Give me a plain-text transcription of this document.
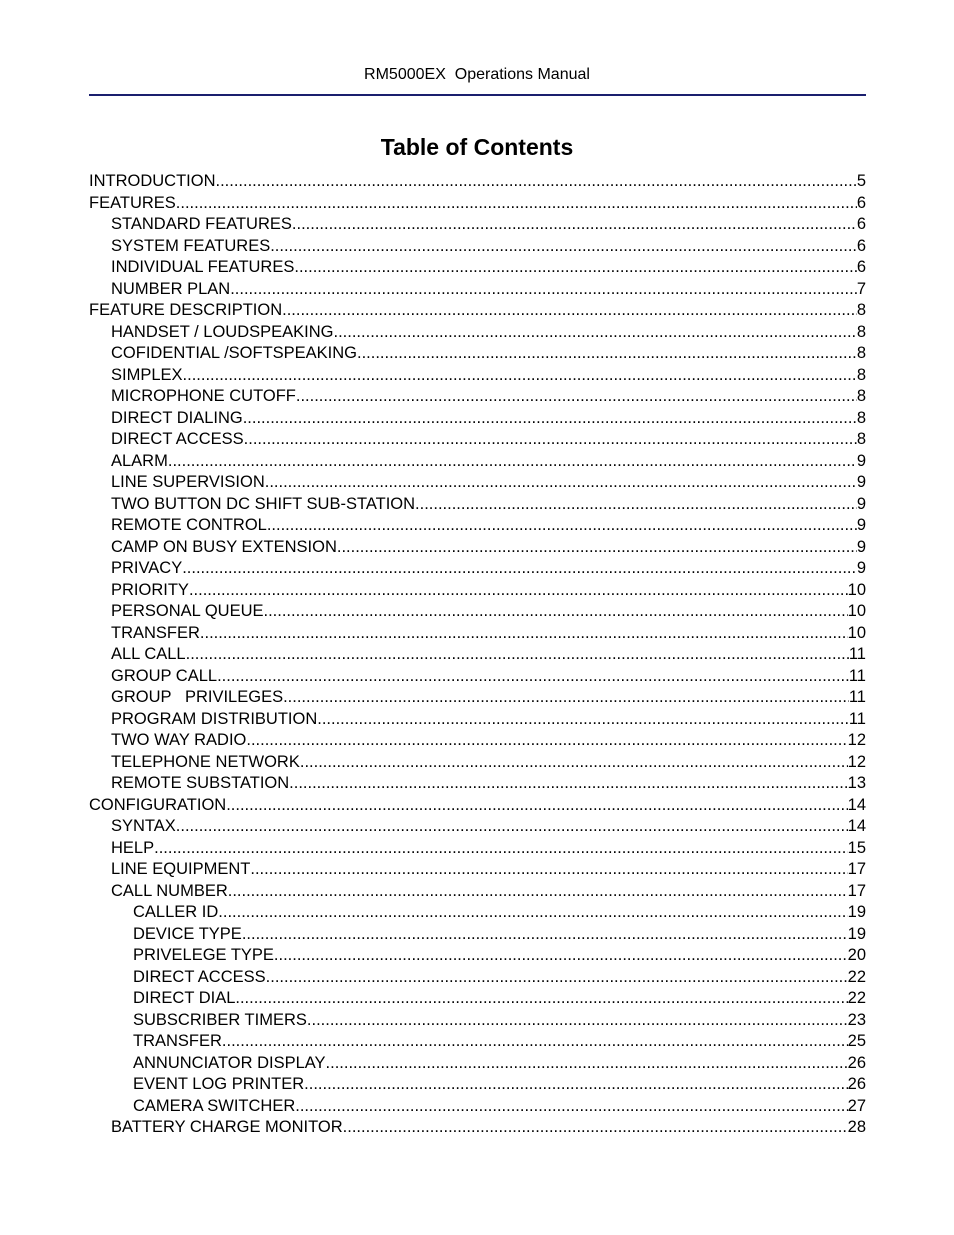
RM5000EX  Operations Manual
Table of Contents
INTRODUCTION .....	5
FEATURES .....	6
STANDARD FEATURES .....	6
SYSTEM FEATURES .....	6
INDIVIDUAL FEATURES .....	6
NUMBER PLAN .....	7
FEATURE DESCRIPTION .....	8
HANDSET / LOUDSPEAKING .....	8
COFIDENTIAL /SOFTSPEAKING .....	8
SIMPLEX .....	8
MICROPHONE CUTOFF .....	8
DIRECT DIALING .....	8
DIRECT ACCESS .....	8
ALARM .....	9
LINE SUPERVISION .....	9
TWO BUTTON DC SHIFT SUB-STATION .....	9
REMOTE CONTROL .....	9
CAMP ON BUSY EXTENSION .....	9
PRIVACY .....	9
PRIORITY .....	10
PERSONAL QUEUE .....	10
TRANSFER .....	10
ALL CALL .....	11
GROUP CALL .....	11
GROUP   PRIVILEGES .....	11
PROGRAM DISTRIBUTION .....	11
TWO WAY RADIO .....	12
TELEPHONE NETWORK .....	12
REMOTE SUBSTATION .....	13
CONFIGURATION .....	14
SYNTAX .....	14
HELP .....	15
LINE EQUIPMENT .....	17
CALL NUMBER .....	17
CALLER ID .....	19
DEVICE TYPE .....	19
PRIVELEGE TYPE .....	20
DIRECT ACCESS .....	22
DIRECT DIAL .....	22
SUBSCRIBER TIMERS .....	23
TRANSFER .....	25
ANNUNCIATOR DISPLAY .....	26
EVENT LOG PRINTER .....	26
CAMERA SWITCHER .....	27
BATTERY CHARGE MONITOR .....	28
